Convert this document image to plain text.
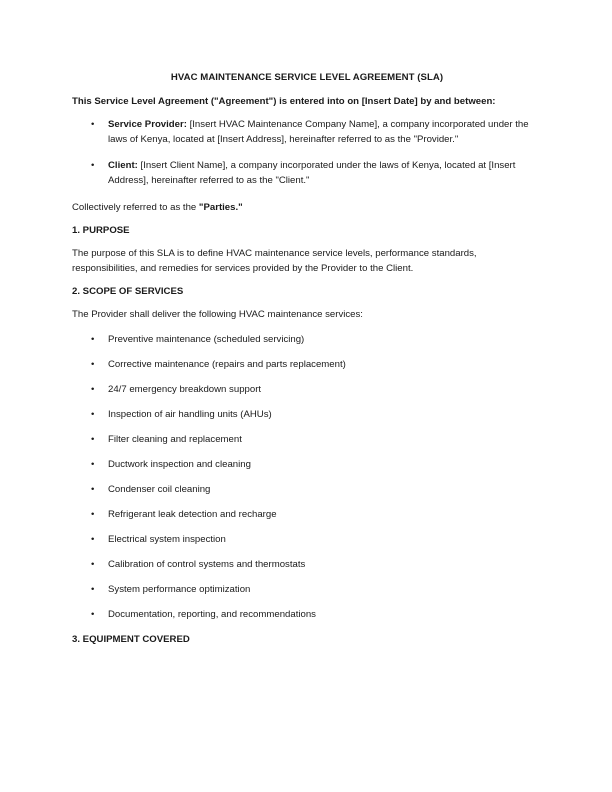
HVAC MAINTENANCE SERVICE LEVEL AGREEMENT (SLA)
This Service Level Agreement ("Agreement") is entered into on [Insert Date] by and between:
• Service Provider: [Insert HVAC Maintenance Company Name], a company incorporated under the laws of Kenya, located at [Insert Address], hereinafter referred to as the "Provider."
• Client: [Insert Client Name], a company incorporated under the laws of Kenya, located at [Insert Address], hereinafter referred to as the "Client."

Collectively referred to as the "Parties."

1. PURPOSE

The purpose of this SLA is to define HVAC maintenance service levels, performance standards, responsibilities, and remedies for services provided by the Provider to the Client.

2. SCOPE OF SERVICES

The Provider shall deliver the following HVAC maintenance services:

• Preventive maintenance (scheduled servicing)
• Corrective maintenance (repairs and parts replacement)
• 24/7 emergency breakdown support
• Inspection of air handling units (AHUs)
• Filter cleaning and replacement
• Ductwork inspection and cleaning
• Condenser coil cleaning
• Refrigerant leak detection and recharge
• Electrical system inspection
• Calibration of control systems and thermostats
• System performance optimization
• Documentation, reporting, and recommendations
3. EQUIPMENT COVERED
